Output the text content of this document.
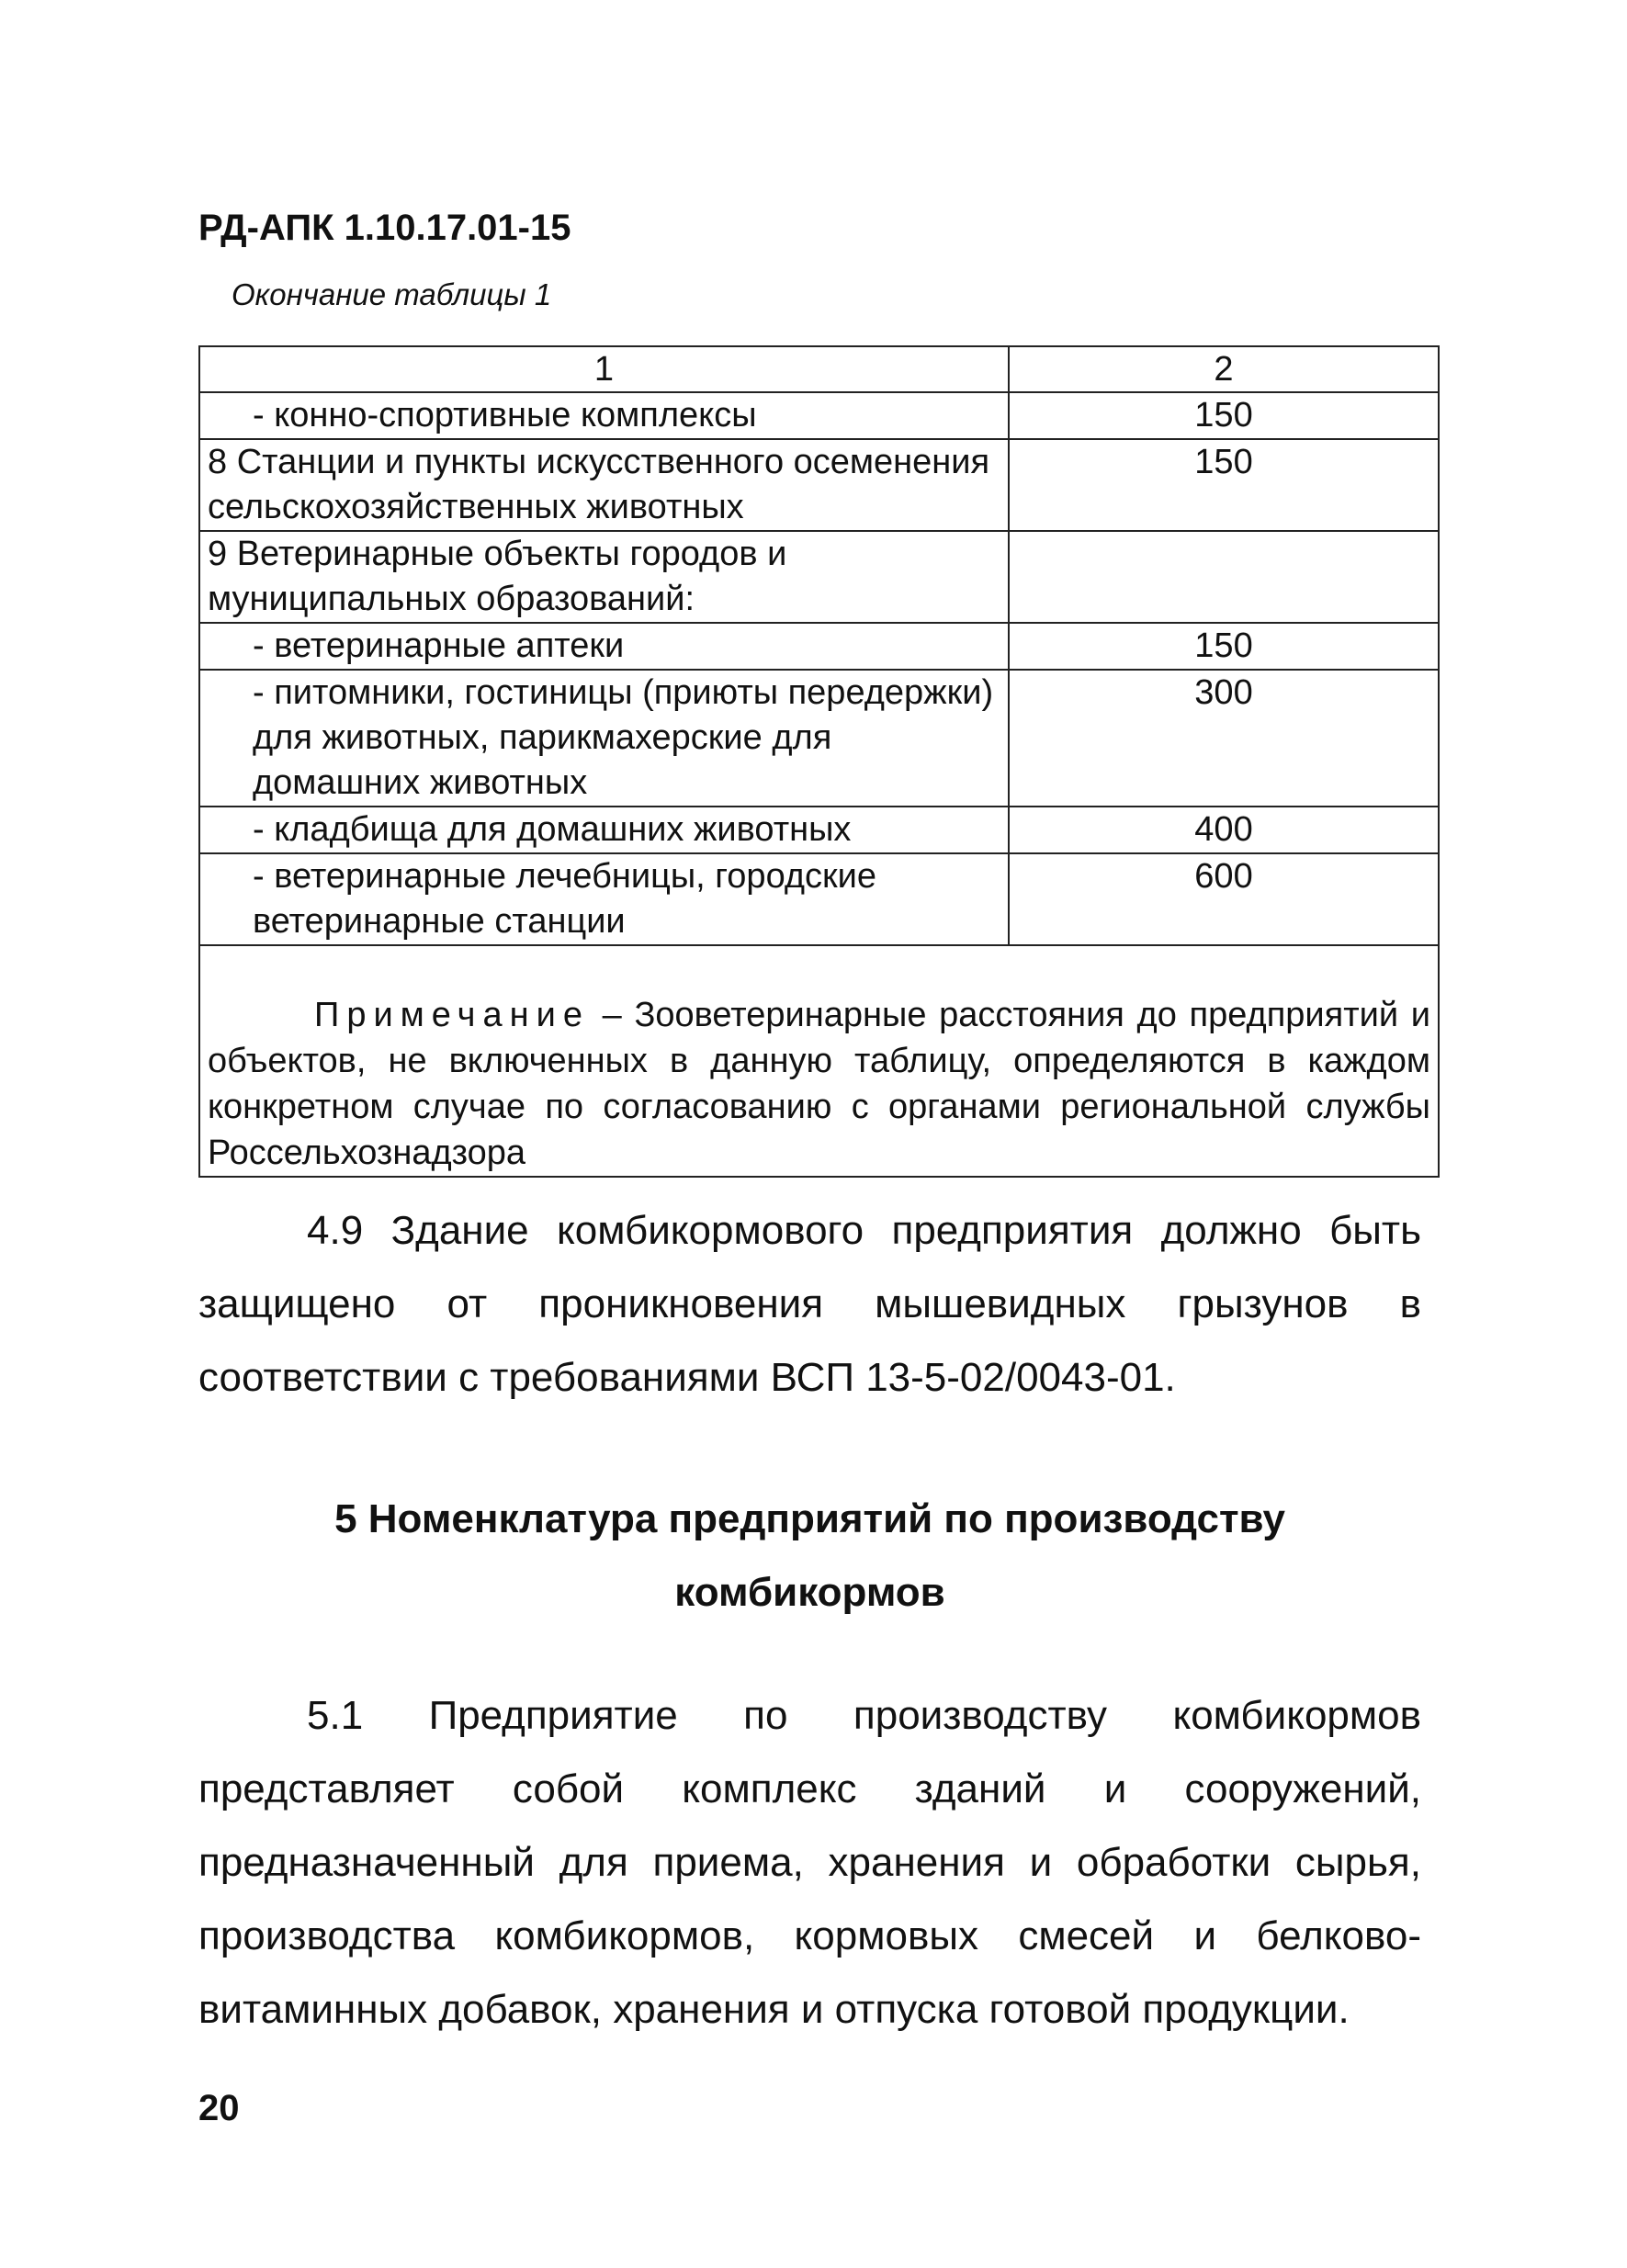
РД-АПК 1.10.17.01-15
Окончание таблицы 1
1	2
- конно-спортивные комплексы	150
8 Станции и пункты искусственного осеменения сельскохозяйственных животных	150
9 Ветеринарные объекты городов и муниципальных образований:	
- ветеринарные аптеки	150
- питомники, гостиницы (приюты передержки) для животных, парикмахерские для домашних животных	300
- кладбища для домашних животных	400
- ветеринарные лечебницы, городские ветеринарные станции	600

Примечание – Зооветеринарные расстояния до предприятий и объектов, не включенных в данную таблицу, определяются в каждом конкретном случае по согласованию с органами региональной службы Россельхознадзора	

4.9 Здание комбикормового предприятия должно быть защищено от проникновения мышевидных грызунов в соответствии с требованиями ВСП 13-5-02/0043-01.

5 Номенклатура предприятий по производству
комбикормов

5.1 Предприятие по производству комбикормов представляет собой комплекс зданий и сооружений, предназначенный для приема, хранения и обработки сырья, производства комбикормов, кормовых смесей и белково-витаминных добавок, хранения и отпуска готовой продукции.

20
